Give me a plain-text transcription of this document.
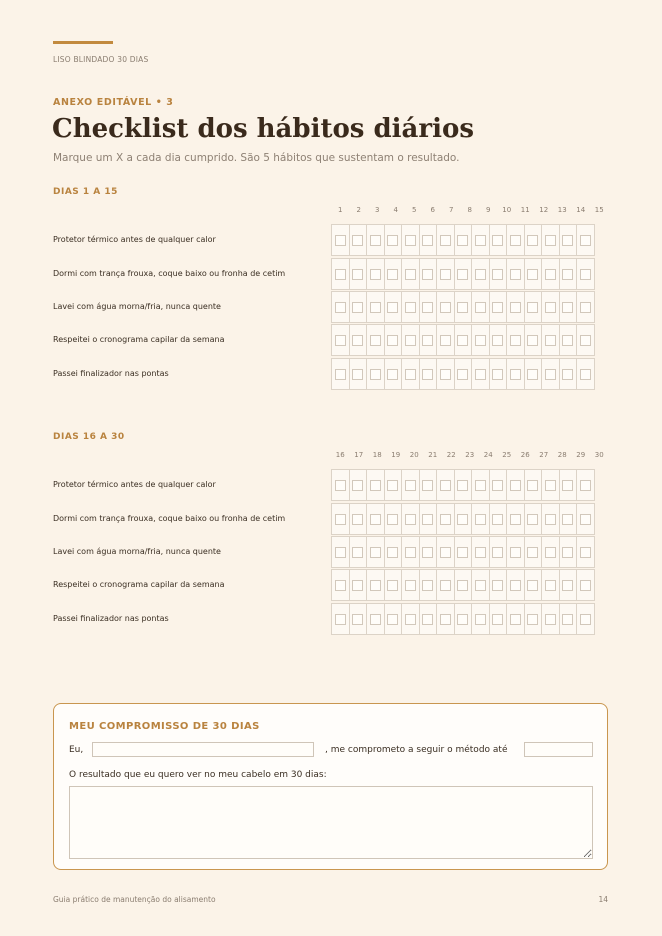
LISO BLINDADO 30 DIAS
ANEXO EDITÁVEL • 3
Checklist dos hábitos diários
Marque um X a cada dia cumprido. São 5 hábitos que sustentam o resultado.
DIAS 1 A 15
1	2	3	4	5	6	7	8	9	10	11	12	13	14	15
Protetor térmico antes de qualquer calor
Dormi com trança frouxa, coque baixo ou fronha de cetim
Lavei com água morna/fria, nunca quente
Respeitei o cronograma capilar da semana
Passei finalizador nas pontas
DIAS 16 A 30
16	17	18	19	20	21	22	23	24	25	26	27	28	29	30
Protetor térmico antes de qualquer calor
Dormi com trança frouxa, coque baixo ou fronha de cetim
Lavei com água morna/fria, nunca quente
Respeitei o cronograma capilar da semana
Passei finalizador nas pontas
MEU COMPROMISSO DE 30 DIAS
Eu,	, me comprometo a seguir o método até
O resultado que eu quero ver no meu cabelo em 30 dias:
Guia prático de manutenção do alisamento	14
